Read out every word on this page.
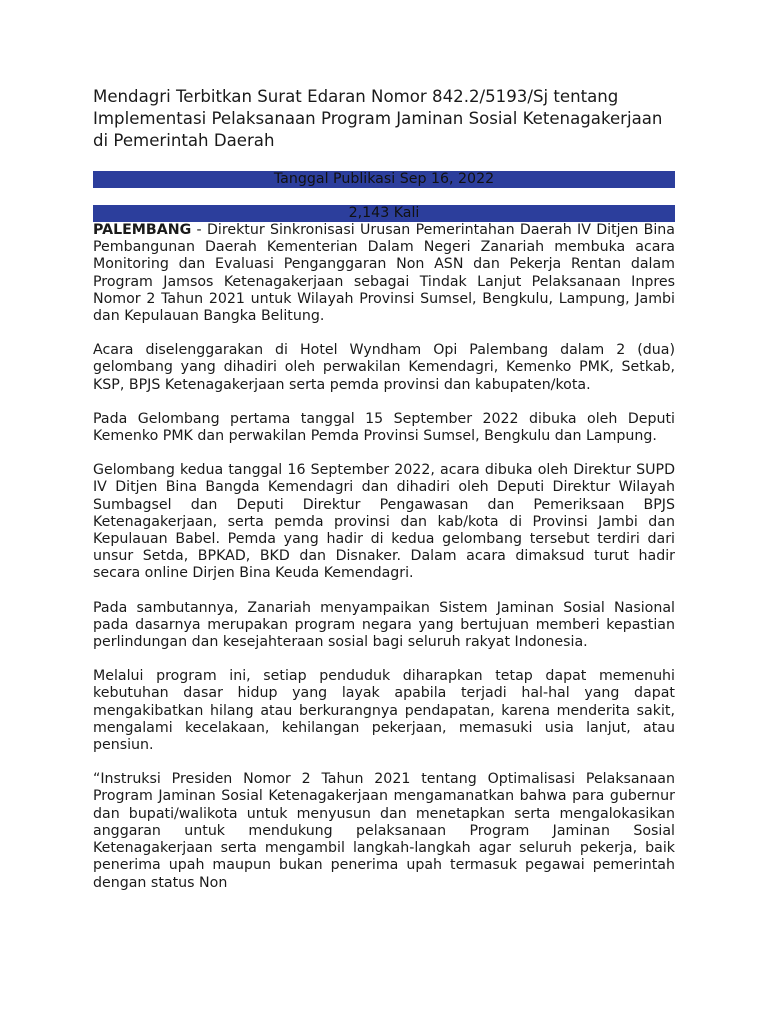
Mendagri Terbitkan Surat Edaran Nomor 842.2/5193/Sj tentang Implementasi Pelaksanaan Program Jaminan Sosial Ketenagakerjaan di Pemerintah Daerah
Tanggal Publikasi Sep 16, 2022
2,143 Kali

PALEMBANG - Direktur Sinkronisasi Urusan Pemerintahan Daerah IV Ditjen Bina Pembangunan Daerah Kementerian Dalam Negeri Zanariah membuka acara Monitoring dan Evaluasi Penganggaran Non ASN dan Pekerja Rentan dalam Program Jamsos Ketenagakerjaan sebagai Tindak Lanjut Pelaksanaan Inpres Nomor 2 Tahun 2021 untuk Wilayah Provinsi Sumsel, Bengkulu, Lampung, Jambi dan Kepulauan Bangka Belitung.

Acara diselenggarakan di Hotel Wyndham Opi Palembang dalam 2 (dua) gelombang yang dihadiri oleh perwakilan Kemendagri, Kemenko PMK, Setkab, KSP, BPJS Ketenagakerjaan serta pemda provinsi dan kabupaten/kota.

Pada Gelombang pertama tanggal 15 September 2022 dibuka oleh Deputi Kemenko PMK dan perwakilan Pemda Provinsi Sumsel, Bengkulu dan Lampung.

Gelombang kedua tanggal 16 September 2022, acara dibuka oleh Direktur SUPD IV Ditjen Bina Bangda Kemendagri dan dihadiri oleh Deputi Direktur Wilayah Sumbagsel dan Deputi Direktur Pengawasan dan Pemeriksaan BPJS Ketenagakerjaan, serta pemda provinsi dan kab/kota di Provinsi Jambi dan Kepulauan Babel. Pemda yang hadir di kedua gelombang tersebut terdiri dari unsur Setda, BPKAD, BKD dan Disnaker. Dalam acara dimaksud turut hadir secara online Dirjen Bina Keuda Kemendagri.

Pada sambutannya, Zanariah menyampaikan Sistem Jaminan Sosial Nasional pada dasarnya merupakan program negara yang bertujuan memberi kepastian perlindungan dan kesejahteraan sosial bagi seluruh rakyat Indonesia.

Melalui program ini, setiap penduduk diharapkan tetap dapat memenuhi kebutuhan dasar hidup yang layak apabila terjadi hal-hal yang dapat mengakibatkan hilang atau berkurangnya pendapatan, karena menderita sakit, mengalami kecelakaan, kehilangan pekerjaan, memasuki usia lanjut, atau pensiun.

“Instruksi Presiden Nomor 2 Tahun 2021 tentang Optimalisasi Pelaksanaan Program Jaminan Sosial Ketenagakerjaan mengamanatkan bahwa para gubernur dan bupati/walikota untuk menyusun dan menetapkan serta mengalokasikan anggaran untuk mendukung pelaksanaan Program Jaminan Sosial Ketenagakerjaan serta mengambil langkah-langkah agar seluruh pekerja, baik penerima upah maupun bukan penerima upah termasuk pegawai pemerintah dengan status Non
